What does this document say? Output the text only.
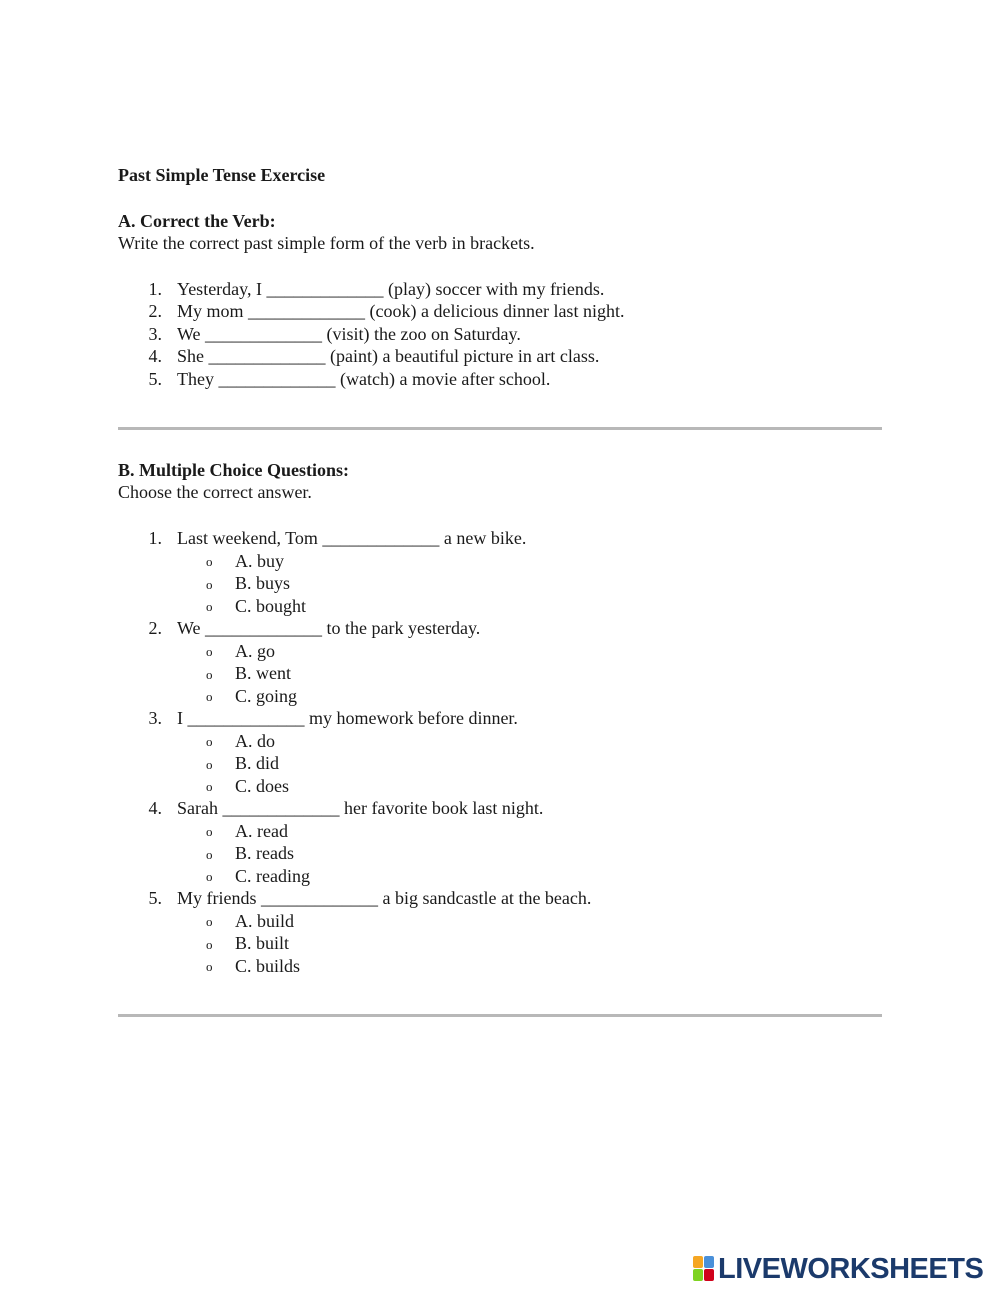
Past Simple Tense Exercise
A. Correct the Verb:
Write the correct past simple form of the verb in brackets.
1. Yesterday, I _____________ (play) soccer with my friends.
2. My mom _____________ (cook) a delicious dinner last night.
3. We _____________ (visit) the zoo on Saturday.
4. She _____________ (paint) a beautiful picture in art class.
5. They _____________ (watch) a movie after school.
B. Multiple Choice Questions:
Choose the correct answer.
1. Last weekend, Tom _____________ a new bike.
o A. buy
o B. buys
o C. bought
2. We _____________ to the park yesterday.
o A. go
o B. went
o C. going
3. I _____________ my homework before dinner.
o A. do
o B. did
o C. does
4. Sarah _____________ her favorite book last night.
o A. read
o B. reads
o C. reading
5. My friends _____________ a big sandcastle at the beach.
o A. build
o B. built
o C. builds
LIVEWORKSHEETS
